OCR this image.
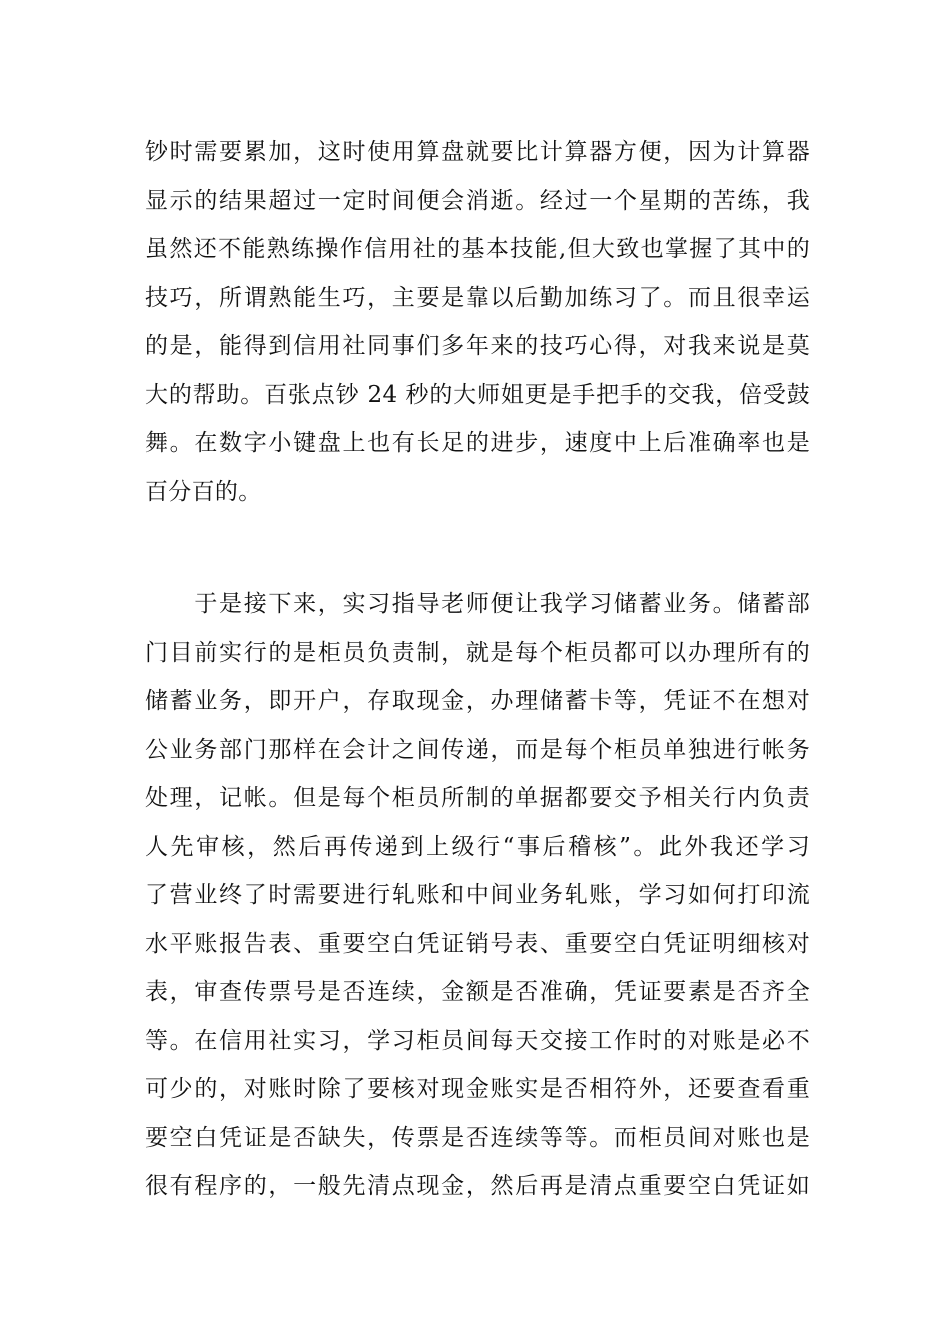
钞时需要累加，这时使用算盘就要比计算器方便，因为计算器
显示的结果超过一定时间便会消逝。经过一个星期的苦练，我
虽然还不能熟练操作信用社的基本技能,但大致也掌握了其中的
技巧，所谓熟能生巧，主要是靠以后勤加练习了。而且很幸运
的是，能得到信用社同事们多年来的技巧心得，对我来说是莫
大的帮助。百张点钞 24 秒的大师姐更是手把手的交我，倍受鼓
舞。在数字小键盘上也有长足的进步，速度中上后准确率也是
百分百的。
　　于是接下来，实习指导老师便让我学习储蓄业务。储蓄部
门目前实行的是柜员负责制，就是每个柜员都可以办理所有的
储蓄业务，即开户，存取现金，办理储蓄卡等，凭证不在想对
公业务部门那样在会计之间传递，而是每个柜员单独进行帐务
处理，记帐。但是每个柜员所制的单据都要交予相关行内负责
人先审核，然后再传递到上级行“事后稽核”。此外我还学习
了营业终了时需要进行轧账和中间业务轧账，学习如何打印流
水平账报告表、重要空白凭证销号表、重要空白凭证明细核对
表，审查传票号是否连续，金额是否准确，凭证要素是否齐全
等。在信用社实习，学习柜员间每天交接工作时的对账是必不
可少的，对账时除了要核对现金账实是否相符外，还要查看重
要空白凭证是否缺失，传票是否连续等等。而柜员间对账也是
很有程序的，一般先清点现金，然后再是清点重要空白凭证如
